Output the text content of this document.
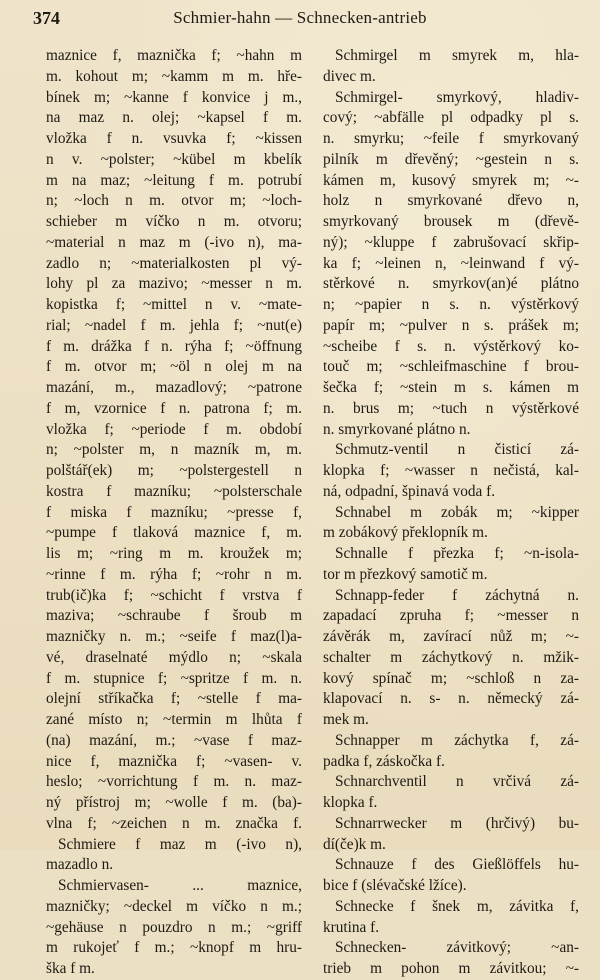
374	Schmier-hahn — Schnecken-antrieb
maznice f, maznička f; ~hahn m
m. kohout m; ~kamm m m. hře-
bínek m; ~kanne f konvice j m.,
na maz n. olej; ~kapsel f m.
vložka f n. vsuvka f; ~kissen
n v. ~polster; ~kübel m kbelík
m na maz; ~leitung f m. potrubí
n; ~loch n m. otvor m; ~loch-
schieber m víčko n m. otvoru;
~material n maz m (-ivo n), ma-
zadlo n; ~materialkosten pl vý-
lohy pl za mazivo; ~messer n m.
kopistka f; ~mittel n v. ~mate-
rial; ~nadel f m. jehla f; ~nut(e)
f m. drážka f n. rýha f; ~öffnung
f m. otvor m; ~öl n olej m na
mazání, m., mazadlový; ~patrone
f m, vzornice f n. patrona f; m.
vložka f; ~periode f m. období
n; ~polster m, n mazník m, m.
polštář(ek) m; ~polstergestell n
kostra f mazníku; ~polsterschale
f miska f mazníku; ~presse f,
~pumpe f tlaková maznice f, m.
lis m; ~ring m m. kroužek m;
~rinne f m. rýha f; ~rohr n m.
trub(ič)ka f; ~schicht f vrstva f
maziva; ~schraube f šroub m
mazničky n. m.; ~seife f maz(l)a-
vé, draselnaté mýdlo n; ~skala
f m. stupnice f; ~spritze f m. n.
olejní stříkačka f; ~stelle f ma-
zané místo n; ~termin m lhůta f
(na) mazání, m.; ~vase f maz-
nice f, maznička f; ~vasen- v.
heslo; ~vorrichtung f m. n. maz-
ný přístroj m; ~wolle f m. (ba)-
vlna f; ~zeichen n m. značka f.
Schmiere f maz m (-ivo n),
mazadlo n.
Schmiervasen- ... maznice,
mazničky; ~deckel m víčko n m.;
~gehäuse n pouzdro n m.; ~griff
m rukojeť f m.; ~knopf m hru-
ška f m.
Schmirgel m smyrek m, hla-
divec m.
Schmirgel- smyrkový, hladiv-
cový; ~abfälle pl odpadky pl s.
n. smyrku; ~feile f smyrkovaný
pilník m dřevěný; ~gestein n s.
kámen m, kusový smyrek m; ~-
holz n smyrkované dřevo n,
smyrkovaný brousek m (dřevě-
ný); ~kluppe f zabrušovací skřip-
ka f; ~leinen n, ~leinwand f vý-
stěrkové n. smyrkov(an)é plátno
n; ~papier n s. n. výstěrkový
papír m; ~pulver n s. prášek m;
~scheibe f s. n. výstěrkový ko-
touč m; ~schleifmaschine f brou-
šečka f; ~stein m s. kámen m
n. brus m; ~tuch n výstěrkové
n. smyrkované plátno n.
Schmutz-ventil n čisticí zá-
klopka f; ~wasser n nečistá, kal-
ná, odpadní, špinavá voda f.
Schnabel m zobák m; ~kipper
m zobákový překlopník m.
Schnalle f přezka f; ~n-isola-
tor m přezkový samotič m.
Schnapp-feder f záchytná n.
zapadací zpruha f; ~messer n
závěrák m, zavírací nůž m; ~-
schalter m záchytkový n. mžik-
kový spínač m; ~schloß n za-
klapovací n. s- n. německý zá-
mek m.
Schnapper m záchytka f, zá-
padka f, záskočka f.
Schnarchventil n vrčivá zá-
klopka f.
Schnarrwecker m (hrčivý) bu-
dí(če)k m.
Schnauze f des Gießlöffels hu-
bice f (slévačské lžíce).
Schnecke f šnek m, závitka f,
krutina f.
Schnecken- závitkový; ~an-
trieb m pohon m závitkou; ~-
